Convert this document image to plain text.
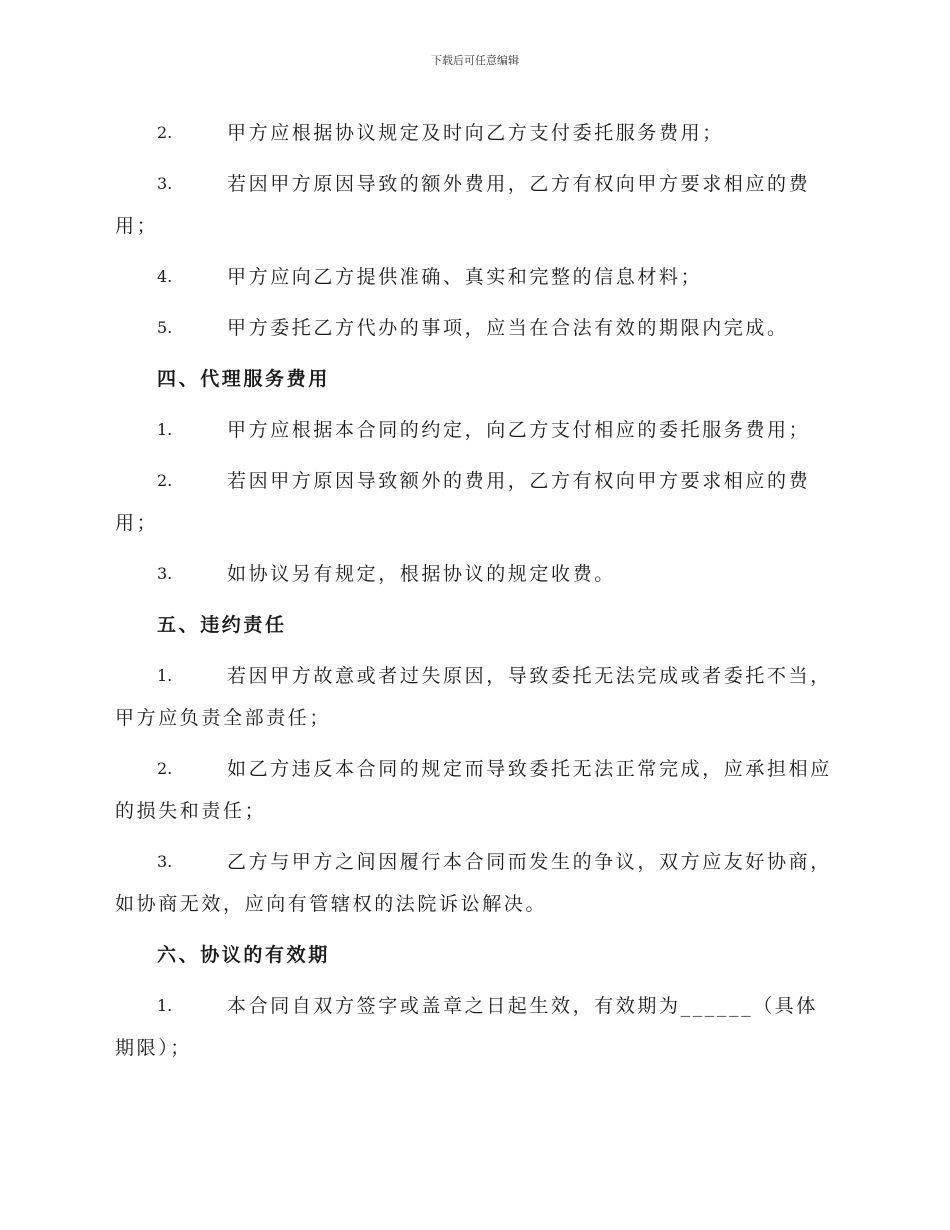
下载后可任意编辑

2.	甲方应根据协议规定及时向乙方支付委托服务费用；

3.	若因甲方原因导致的额外费用，乙方有权向甲方要求相应的费用；

4.	甲方应向乙方提供准确、真实和完整的信息材料；

5.	甲方委托乙方代办的事项，应当在合法有效的期限内完成。

四、代理服务费用

1.	甲方应根据本合同的约定，向乙方支付相应的委托服务费用；

2.	若因甲方原因导致额外的费用，乙方有权向甲方要求相应的费用；

3.	如协议另有规定，根据协议的规定收费。

五、违约责任

1.	若因甲方故意或者过失原因，导致委托无法完成或者委托不当，甲方应负责全部责任；

2.	如乙方违反本合同的规定而导致委托无法正常完成，应承担相应的损失和责任；

3.	乙方与甲方之间因履行本合同而发生的争议，双方应友好协商，如协商无效，应向有管辖权的法院诉讼解决。

六、协议的有效期

1.	本合同自双方签字或盖章之日起生效，有效期为______（具体期限）；
